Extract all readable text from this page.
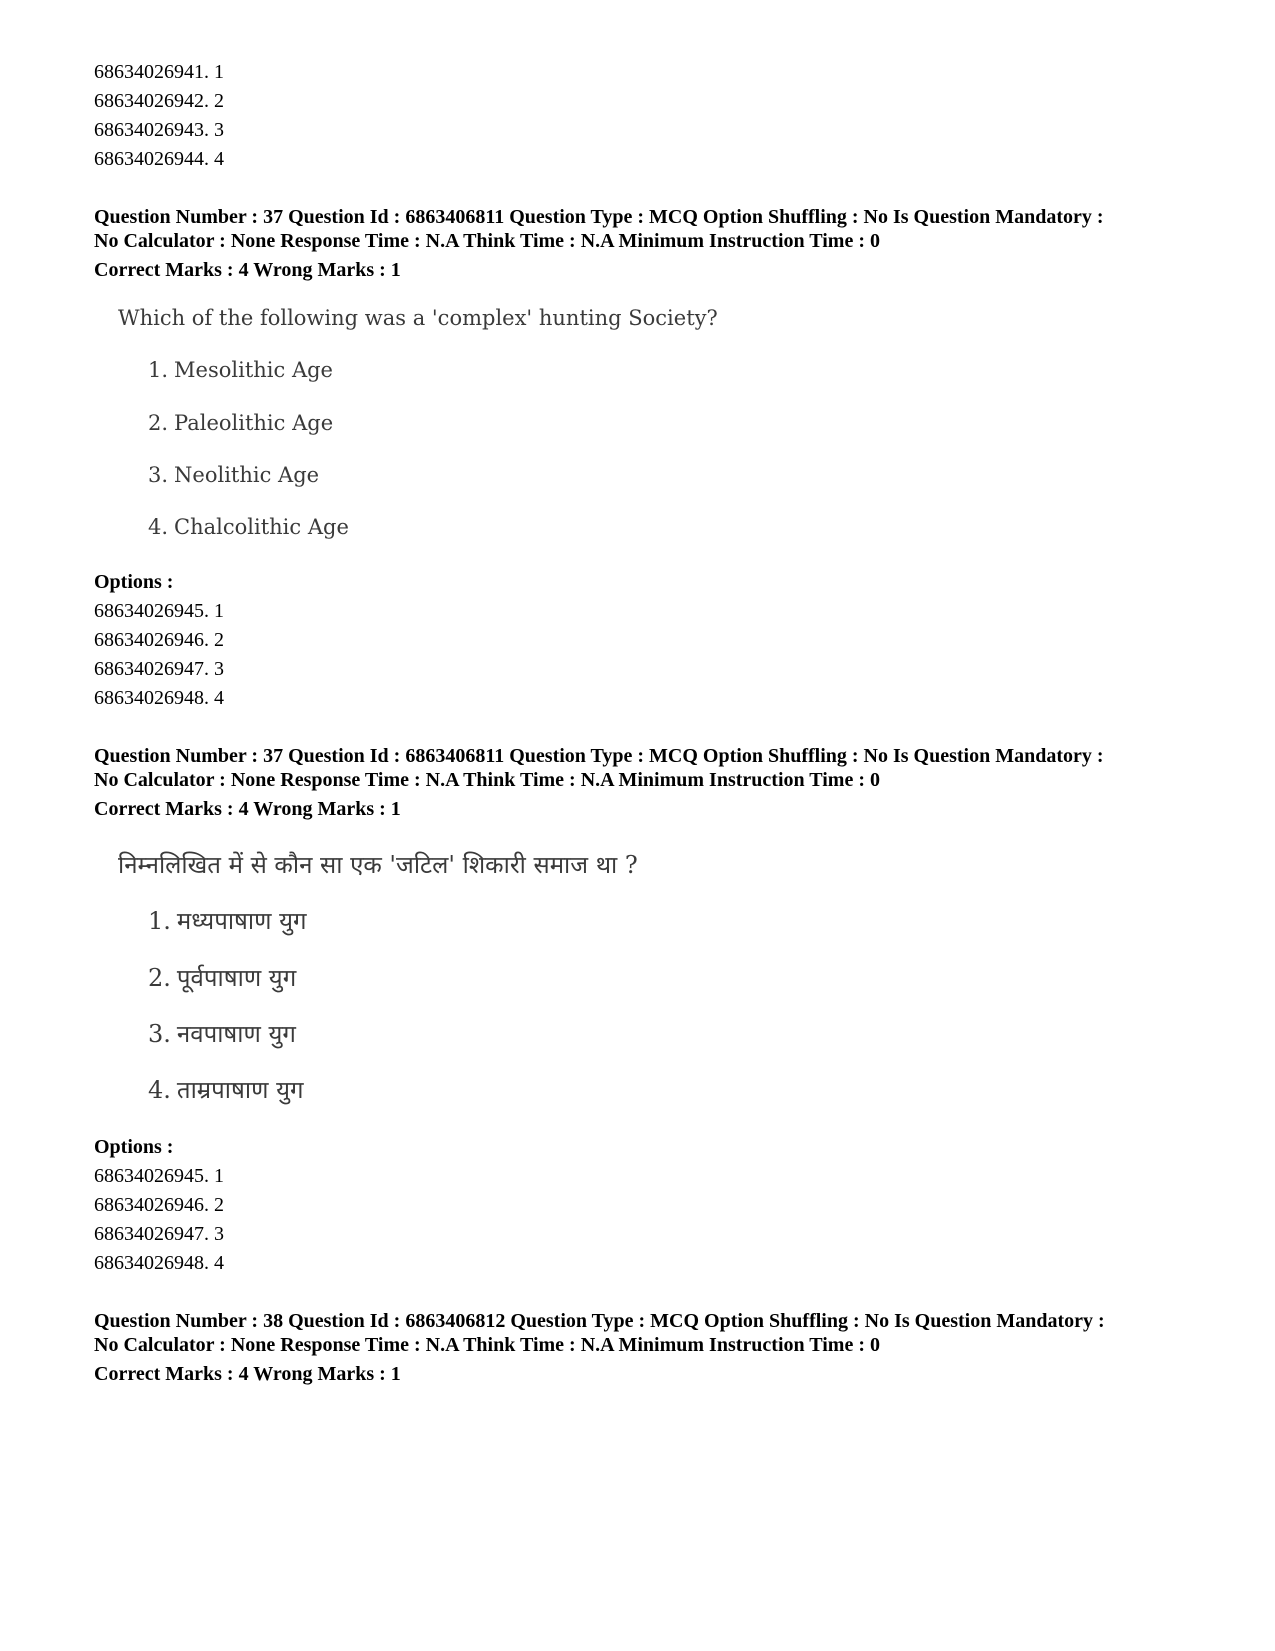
68634026941. 1
68634026942. 2
68634026943. 3
68634026944. 4
Question Number : 37 Question Id : 6863406811 Question Type : MCQ Option Shuffling : No Is Question Mandatory :
No Calculator : None Response Time : N.A Think Time : N.A Minimum Instruction Time : 0
Correct Marks : 4 Wrong Marks : 1
Which of the following was a 'complex' hunting Society?
1. Mesolithic Age
2. Paleolithic Age
3. Neolithic Age
4. Chalcolithic Age
Options :
68634026945. 1
68634026946. 2
68634026947. 3
68634026948. 4
Question Number : 37 Question Id : 6863406811 Question Type : MCQ Option Shuffling : No Is Question Mandatory :
No Calculator : None Response Time : N.A Think Time : N.A Minimum Instruction Time : 0
Correct Marks : 4 Wrong Marks : 1
निम्नलिखित में से कौन सा एक 'जटिल' शिकारी समाज था ?
1. मध्यपाषाण युग
2. पूर्वपाषाण युग
3. नवपाषाण युग
4. ताम्रपाषाण युग
Options :
68634026945. 1
68634026946. 2
68634026947. 3
68634026948. 4
Question Number : 38 Question Id : 6863406812 Question Type : MCQ Option Shuffling : No Is Question Mandatory :
No Calculator : None Response Time : N.A Think Time : N.A Minimum Instruction Time : 0
Correct Marks : 4 Wrong Marks : 1
